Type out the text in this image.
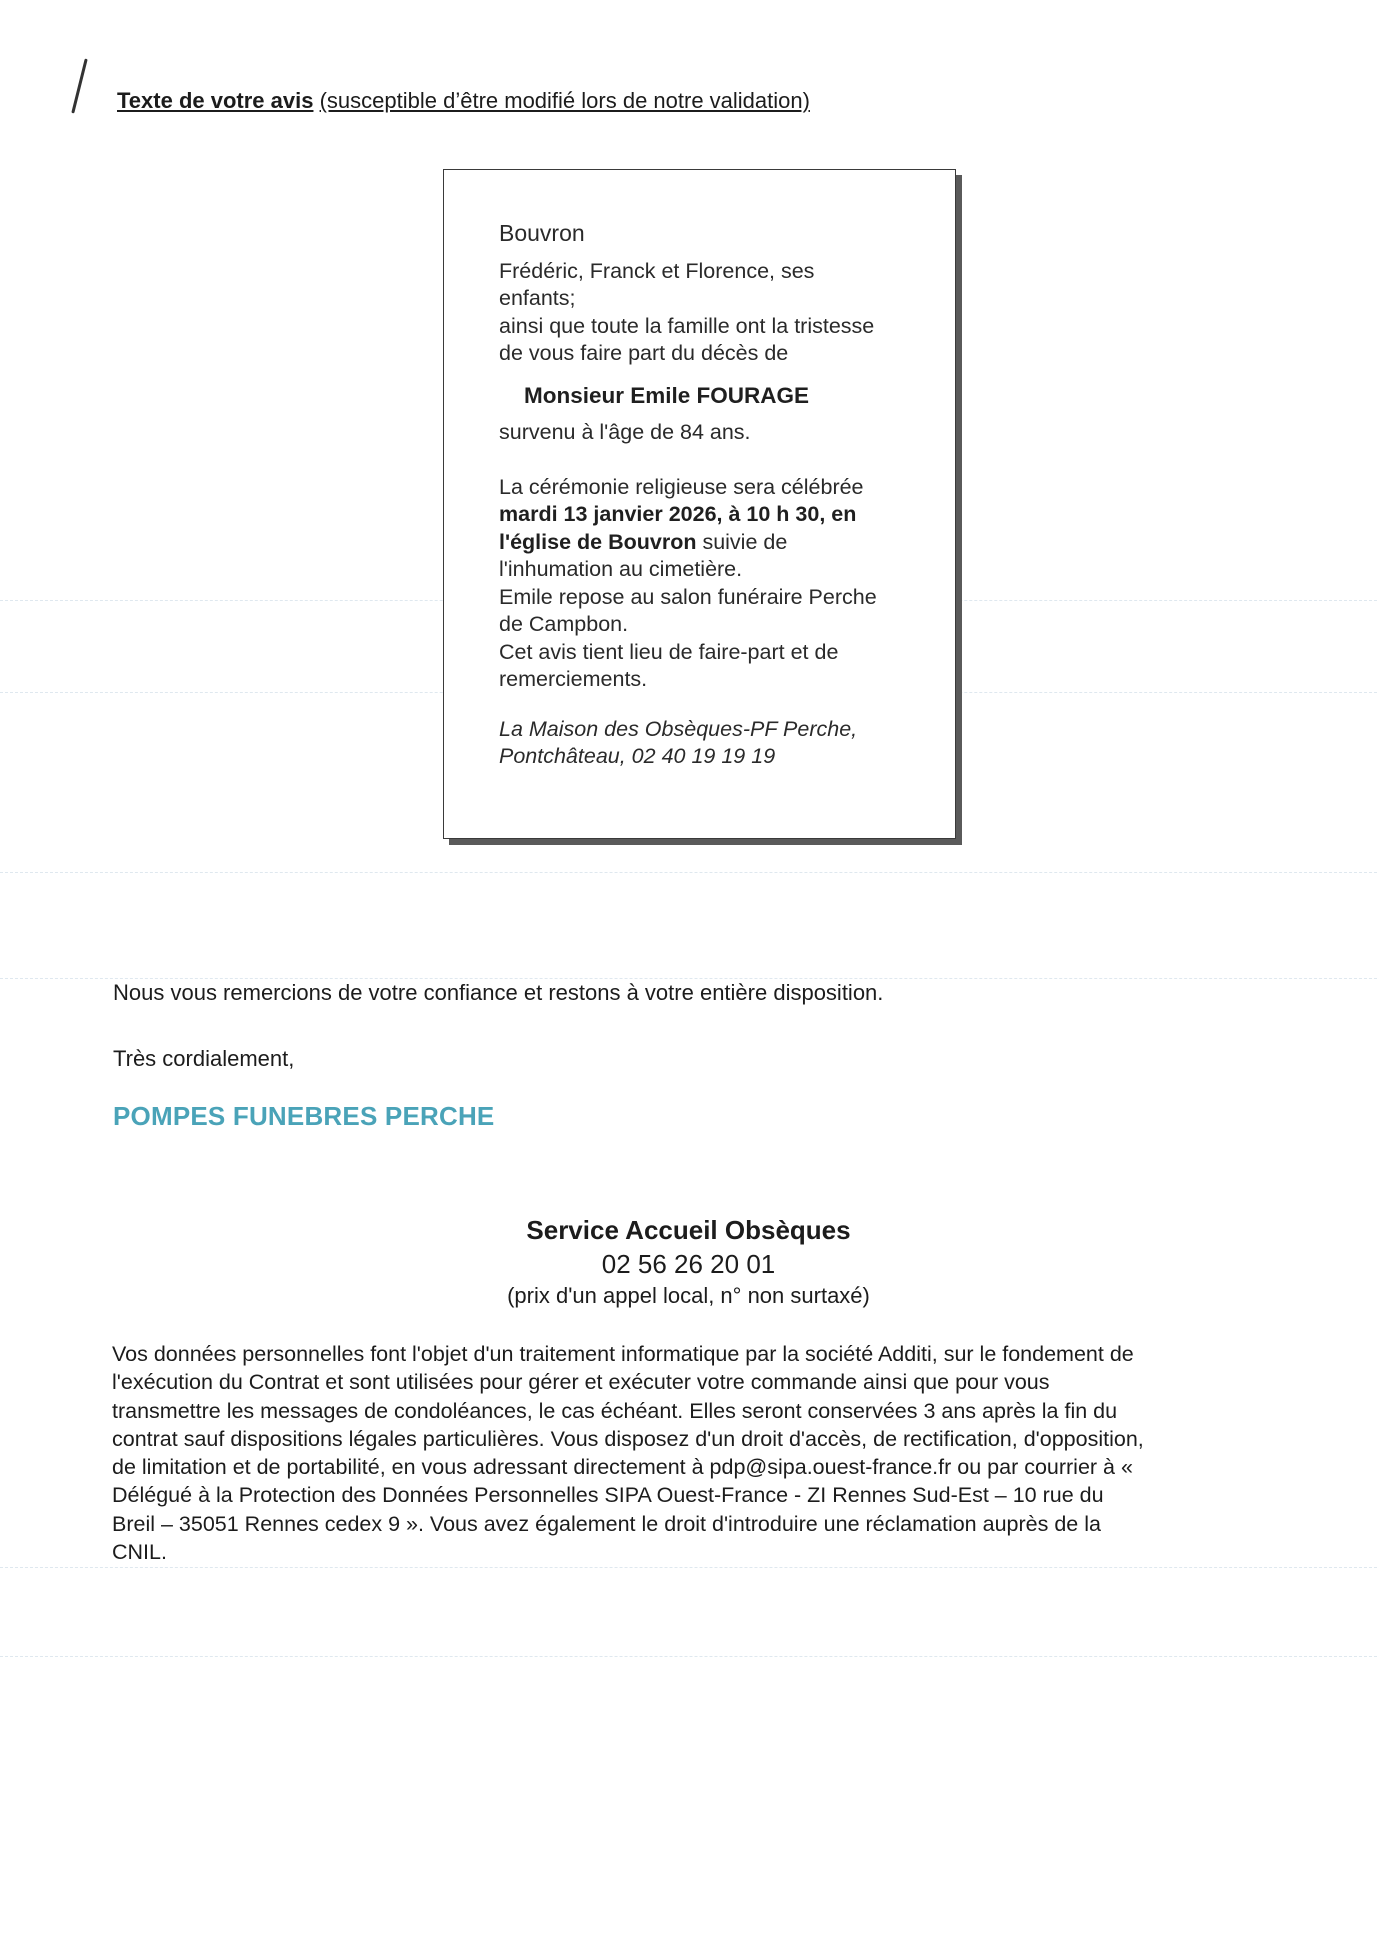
Texte de votre avis (susceptible d’être modifié lors de notre validation)
Bouvron
Frédéric, Franck et Florence, ses
enfants;
ainsi que toute la famille ont la tristesse
de vous faire part du décès de
Monsieur Emile FOURAGE
survenu à l'âge de 84 ans.
La cérémonie religieuse sera célébrée
mardi 13 janvier 2026, à 10 h 30, en
l'église de Bouvron suivie de
l'inhumation au cimetière.
Emile repose au salon funéraire Perche
de Campbon.
Cet avis tient lieu de faire-part et de
remerciements.
La Maison des Obsèques-PF Perche,
Pontchâteau, 02 40 19 19 19
Nous vous remercions de votre confiance et restons à votre entière disposition.
Très cordialement,
POMPES FUNEBRES PERCHE
Service Accueil Obsèques
02 56 26 20 01
(prix d'un appel local, n° non surtaxé)
Vos données personnelles font l'objet d'un traitement informatique par la société Additi, sur le fondement de
l'exécution du Contrat et sont utilisées pour gérer et exécuter votre commande ainsi que pour vous
transmettre les messages de condoléances, le cas échéant. Elles seront conservées 3 ans après la fin du
contrat sauf dispositions légales particulières. Vous disposez d'un droit d'accès, de rectification, d'opposition,
de limitation et de portabilité, en vous adressant directement à pdp@sipa.ouest-france.fr ou par courrier à «
Délégué à la Protection des Données Personnelles SIPA Ouest-France - ZI Rennes Sud-Est – 10 rue du
Breil – 35051 Rennes cedex 9 ». Vous avez également le droit d'introduire une réclamation auprès de la
CNIL.
